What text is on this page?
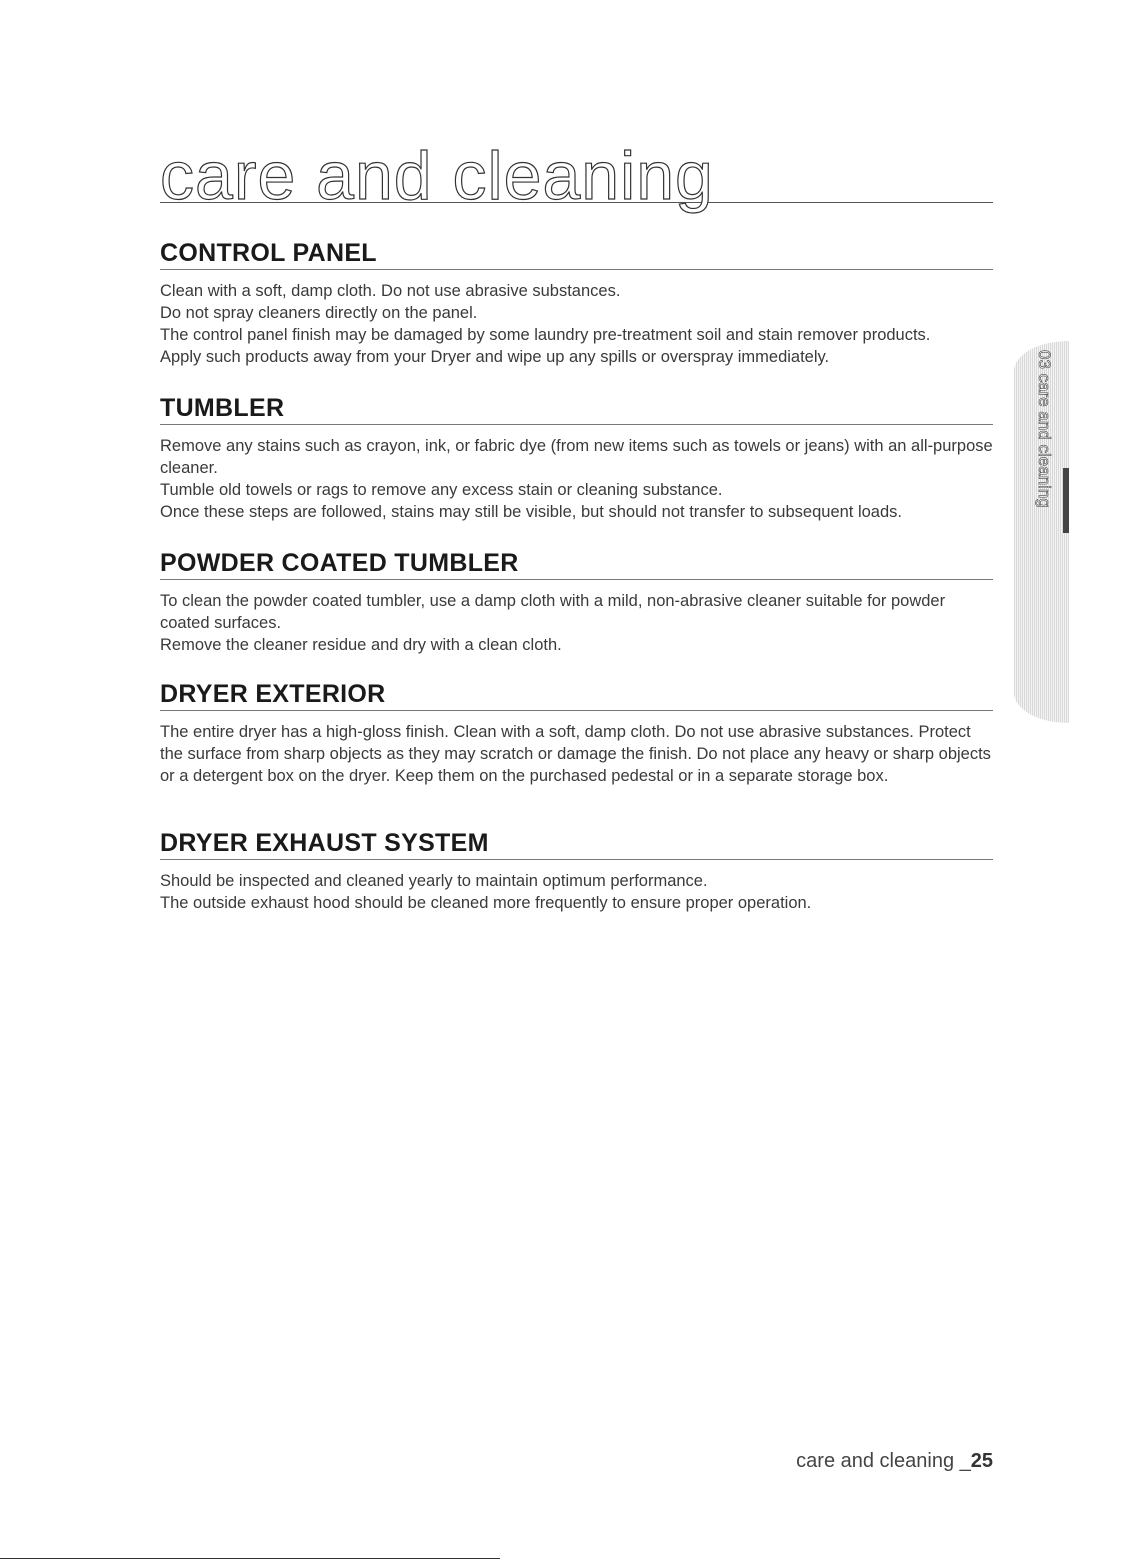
care and cleaning
CONTROL PANEL

Clean with a soft, damp cloth. Do not use abrasive substances.

Do not spray cleaners directly on the panel.

The control panel finish may be damaged by some laundry pre-treatment soil and stain remover products.

Apply such products away from your Dryer and wipe up any spills or overspray immediately.

TUMBLER

Remove any stains such as crayon, ink, or fabric dye (from new items such as towels or jeans) with an all-purpose cleaner.

Tumble old towels or rags to remove any excess stain or cleaning substance.

Once these steps are followed, stains may still be visible, but should not transfer to subsequent loads.

POWDER COATED TUMBLER

To clean the powder coated tumbler, use a damp cloth with a mild, non-abrasive cleaner suitable for powder coated surfaces.

Remove the cleaner residue and dry with a clean cloth.

DRYER EXTERIOR

The entire dryer has a high-gloss finish. Clean with a soft, damp cloth. Do not use abrasive substances. Protect the surface from sharp objects as they may scratch or damage the finish. Do not place any heavy or sharp objects or a detergent box on the dryer. Keep them on the purchased pedestal or in a separate storage box.

DRYER EXHAUST SYSTEM

Should be inspected and cleaned yearly to maintain optimum performance.

The outside exhaust hood should be cleaned more frequently to ensure proper operation.

03 care and cleaning
care and cleaning _25
